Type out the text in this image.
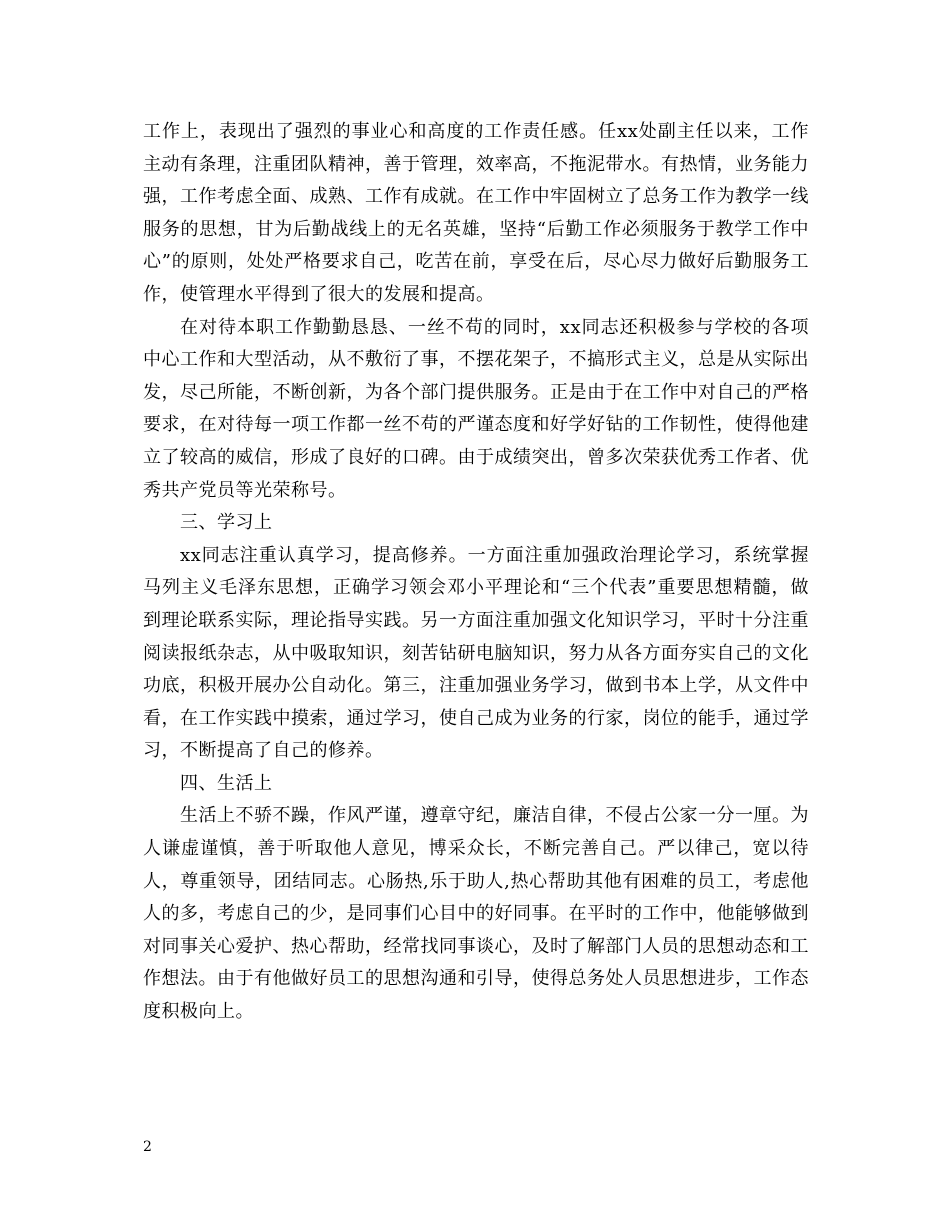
工作上，表现出了强烈的事业心和高度的工作责任感。任xx处副主任以来，工作主动有条理，注重团队精神，善于管理，效率高，不拖泥带水。有热情，业务能力强，工作考虑全面、成熟、工作有成就。在工作中牢固树立了总务工作为教学一线服务的思想，甘为后勤战线上的无名英雄，坚持“后勤工作必须服务于教学工作中心”的原则，处处严格要求自己，吃苦在前，享受在后，尽心尽力做好后勤服务工作，使管理水平得到了很大的发展和提高。

在对待本职工作勤勤恳恳、一丝不苟的同时，xx同志还积极参与学校的各项中心工作和大型活动，从不敷衍了事，不摆花架子，不搞形式主义，总是从实际出发，尽己所能，不断创新，为各个部门提供服务。正是由于在工作中对自己的严格要求，在对待每一项工作都一丝不苟的严谨态度和好学好钻的工作韧性，使得他建立了较高的威信，形成了良好的口碑。由于成绩突出，曾多次荣获优秀工作者、优秀共产党员等光荣称号。

三、学习上

xx同志注重认真学习，提高修养。一方面注重加强政治理论学习，系统掌握马列主义毛泽东思想，正确学习领会邓小平理论和“三个代表”重要思想精髓，做到理论联系实际，理论指导实践。另一方面注重加强文化知识学习，平时十分注重阅读报纸杂志，从中吸取知识，刻苦钻研电脑知识，努力从各方面夯实自己的文化功底，积极开展办公自动化。第三，注重加强业务学习，做到书本上学，从文件中看，在工作实践中摸索，通过学习，使自己成为业务的行家，岗位的能手，通过学习，不断提高了自己的修养。

四、生活上

生活上不骄不躁，作风严谨，遵章守纪，廉洁自律，不侵占公家一分一厘。为人谦虚谨慎，善于听取他人意见，博采众长，不断完善自己。严以律己，宽以待人，尊重领导，团结同志。心肠热,乐于助人,热心帮助其他有困难的员工，考虑他人的多，考虑自己的少，是同事们心目中的好同事。在平时的工作中，他能够做到对同事关心爱护、热心帮助，经常找同事谈心，及时了解部门人员的思想动态和工作想法。由于有他做好员工的思想沟通和引导，使得总务处人员思想进步，工作态度积极向上。

2
